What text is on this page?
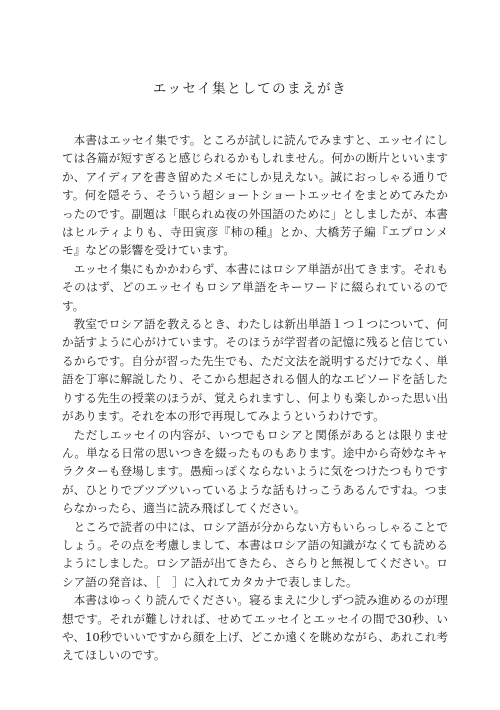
エッセイ集としてのまえがき

本書はエッセイ集です。ところが試しに読んでみますと、エッセイにしては各篇が短すぎると感じられるかもしれません。何かの断片といいますか、アイディアを書き留めたメモにしか見えない。誠におっしゃる通りです。何を隠そう、そういう超ショートショートエッセイをまとめてみたかったのです。副題は「眠られぬ夜の外国語のために」としましたが、本書はヒルティよりも、寺田寅彦『柿の種』とか、大橋芳子編『エプロンメモ』などの影響を受けています。

エッセイ集にもかかわらず、本書にはロシア単語が出てきます。それもそのはず、どのエッセイもロシア単語をキーワードに綴られているのです。

教室でロシア語を教えるとき、わたしは新出単語１つ１つについて、何か話すように心がけています。そのほうが学習者の記憶に残ると信じているからです。自分が習った先生でも、ただ文法を説明するだけでなく、単語を丁寧に解説したり、そこから想起される個人的なエピソードを話したりする先生の授業のほうが、覚えられますし、何よりも楽しかった思い出があります。それを本の形で再現してみようというわけです。

ただしエッセイの内容が、いつでもロシアと関係があるとは限りません。単なる日常の思いつきを綴ったものもあります。途中から奇妙なキャラクターも登場します。愚痴っぽくならないように気をつけたつもりですが、ひとりでブツブツいっているような話もけっこうあるんですね。つまらなかったら、適当に読み飛ばしてください。

ところで読者の中には、ロシア語が分からない方もいらっしゃることでしょう。その点を考慮しまして、本書はロシア語の知識がなくても読めるようにしました。ロシア語が出てきたら、さらりと無視してください。ロシア語の発音は、［　］に入れてカタカナで表しました。

本書はゆっくり読んでください。寝るまえに少しずつ読み進めるのが理想です。それが難しければ、せめてエッセイとエッセイの間で30秒、いや、10秒でいいですから顔を上げ、どこか遠くを眺めながら、あれこれ考えてほしいのです。
